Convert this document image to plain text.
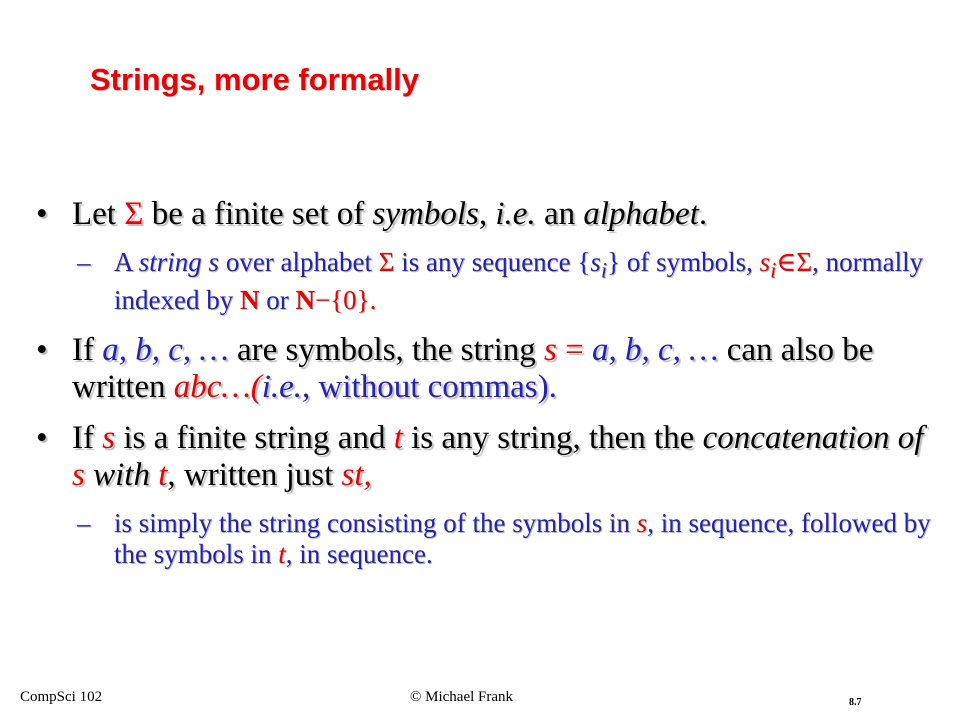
Strings, more formally
• Let Σ be a finite set of symbols, i.e. an alphabet.
– A string s over alphabet Σ is any sequence $\{s_i\}$ of symbols, $s_i\in\Sigma$, normally indexed by N or N−{0}.
• If a, b, c, … are symbols, the string s = a, b, c, … can also be written abc…(i.e., without commas).
• If s is a finite string and t is any string, then the concatenation of s with t, written just st,
– is simply the string consisting of the symbols in s, in sequence, followed by the symbols in t, in sequence.
CompSci 102	© Michael Frank	8.7
